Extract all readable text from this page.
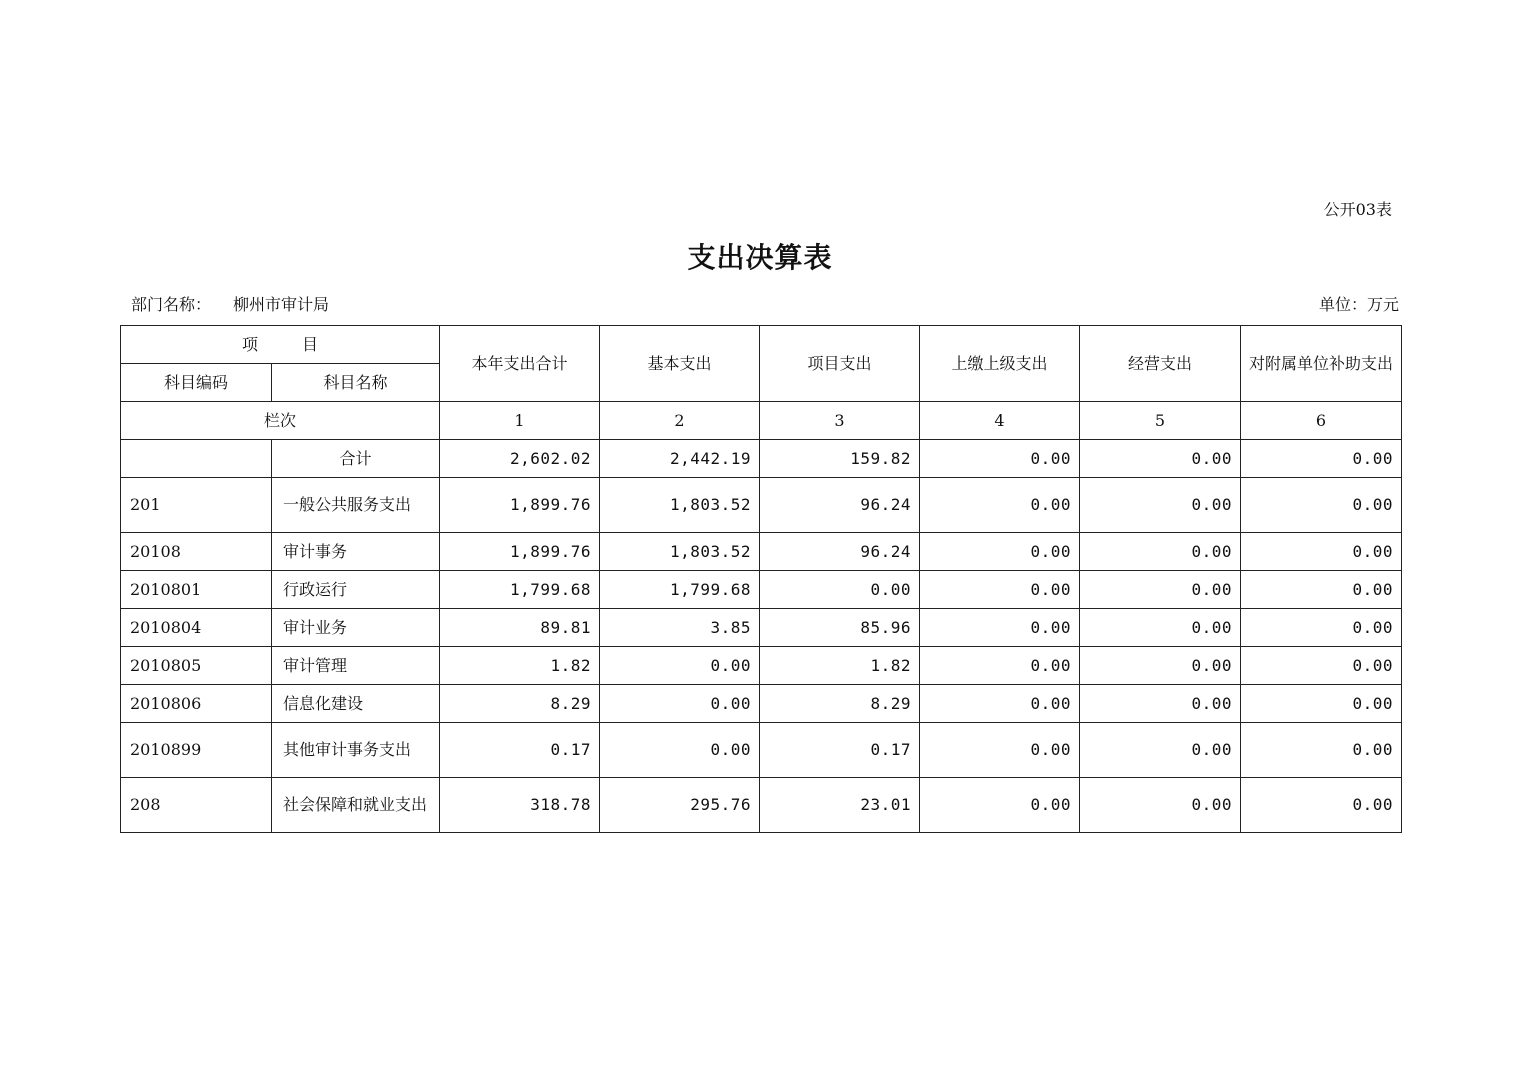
公开03表
支出决算表
部门名称： 柳州市审计局	单位：万元
项 目		本年支出合计	基本支出	项目支出	上缴上级支出	经营支出	对附属单位补助支出
科目编码	科目名称						
栏次		1	2	3	4	5	6
	合计	2,602.02	2,442.19	159.82	0.00	0.00	0.00
201	一般公共服务支出	1,899.76	1,803.52	96.24	0.00	0.00	0.00
20108	审计事务	1,899.76	1,803.52	96.24	0.00	0.00	0.00
2010801	行政运行	1,799.68	1,799.68	0.00	0.00	0.00	0.00
2010804	审计业务	89.81	3.85	85.96	0.00	0.00	0.00
2010805	审计管理	1.82	0.00	1.82	0.00	0.00	0.00
2010806	信息化建设	8.29	0.00	8.29	0.00	0.00	0.00
2010899	其他审计事务支出	0.17	0.00	0.17	0.00	0.00	0.00
208	社会保障和就业支出	318.78	295.76	23.01	0.00	0.00	0.00
